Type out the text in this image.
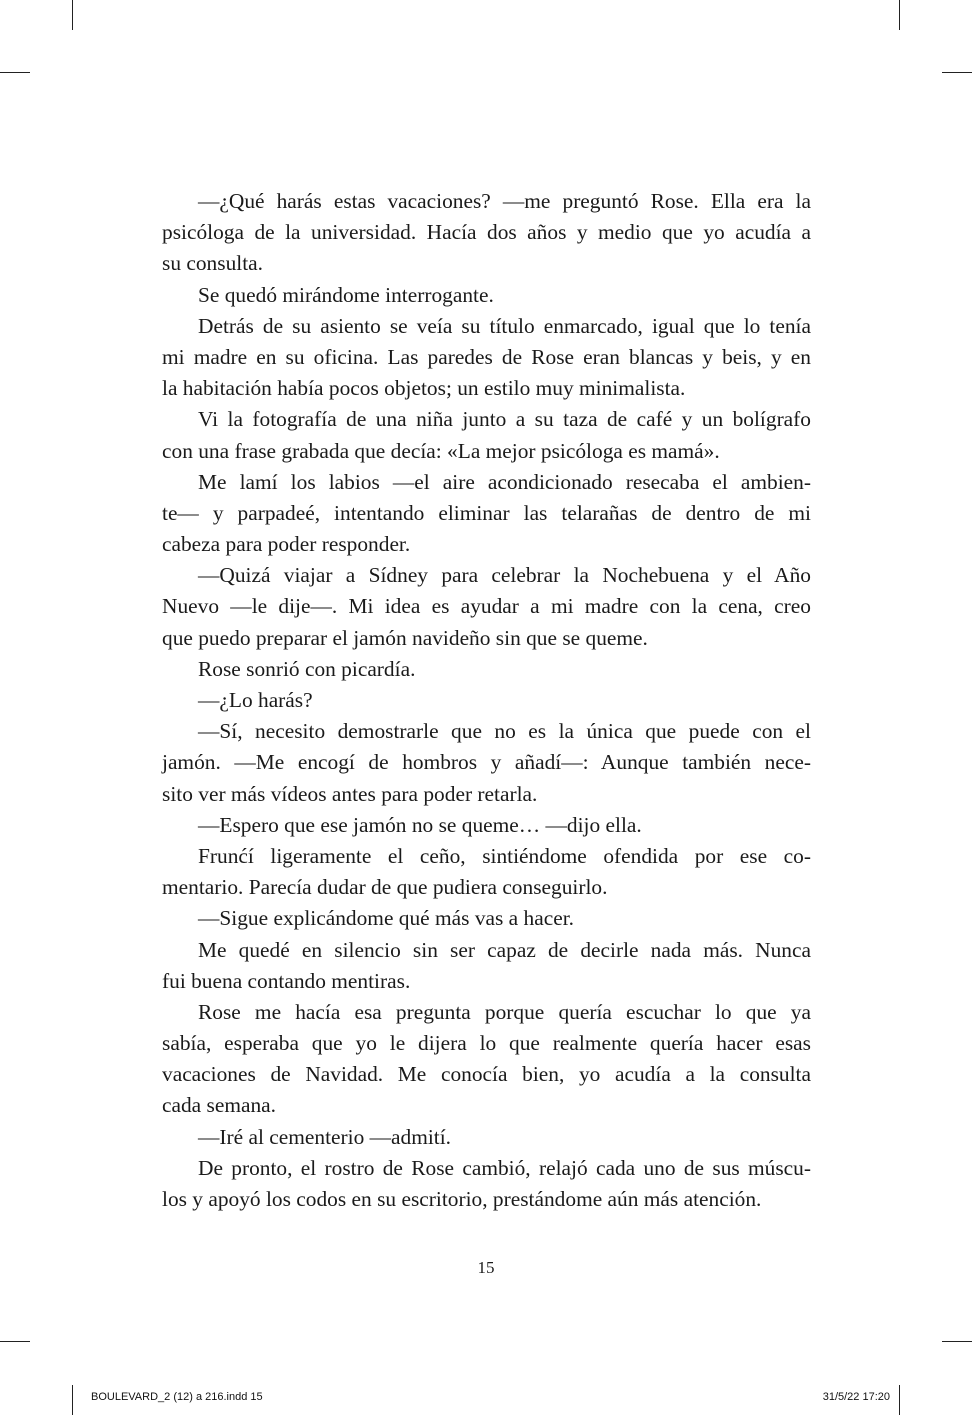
—¿Qué harás estas vacaciones? —me preguntó Rose. Ella era la
psicóloga de la universidad. Hacía dos años y medio que yo acudía a
su consulta.
Se quedó mirándome interrogante.
Detrás de su asiento se veía su título enmarcado, igual que lo tenía
mi madre en su oficina. Las paredes de Rose eran blancas y beis, y en
la habitación había pocos objetos; un estilo muy minimalista.
Vi la fotografía de una niña junto a su taza de café y un bolígrafo
con una frase grabada que decía: «La mejor psicóloga es mamá».
Me lamí los labios —el aire acondicionado resecaba el ambien-
te— y parpadeé, intentando eliminar las telarañas de dentro de mi
cabeza para poder responder.
—Quizá viajar a Sídney para celebrar la Nochebuena y el Año
Nuevo —le dije—. Mi idea es ayudar a mi madre con la cena, creo
que puedo preparar el jamón navideño sin que se queme.
Rose sonrió con picardía.
—¿Lo harás?
—Sí, necesito demostrarle que no es la única que puede con el
jamón. —Me encogí de hombros y añadí—: Aunque también nece-
sito ver más vídeos antes para poder retarla.
—Espero que ese jamón no se queme… —dijo ella.
Frunćí ligeramente el ceño, sintiéndome ofendida por ese co-
mentario. Parecía dudar de que pudiera conseguirlo.
—Sigue explicándome qué más vas a hacer.
Me quedé en silencio sin ser capaz de decirle nada más. Nunca
fui buena contando mentiras.
Rose me hacía esa pregunta porque quería escuchar lo que ya
sabía, esperaba que yo le dijera lo que realmente quería hacer esas
vacaciones de Navidad. Me conocía bien, yo acudía a la consulta
cada semana.
—Iré al cementerio —admití.
De pronto, el rostro de Rose cambió, relajó cada uno de sus múscu-
los y apoyó los codos en su escritorio, prestándome aún más atención.
15
BOULEVARD_2 (12) a 216.indd 15	31/5/22 17:20
